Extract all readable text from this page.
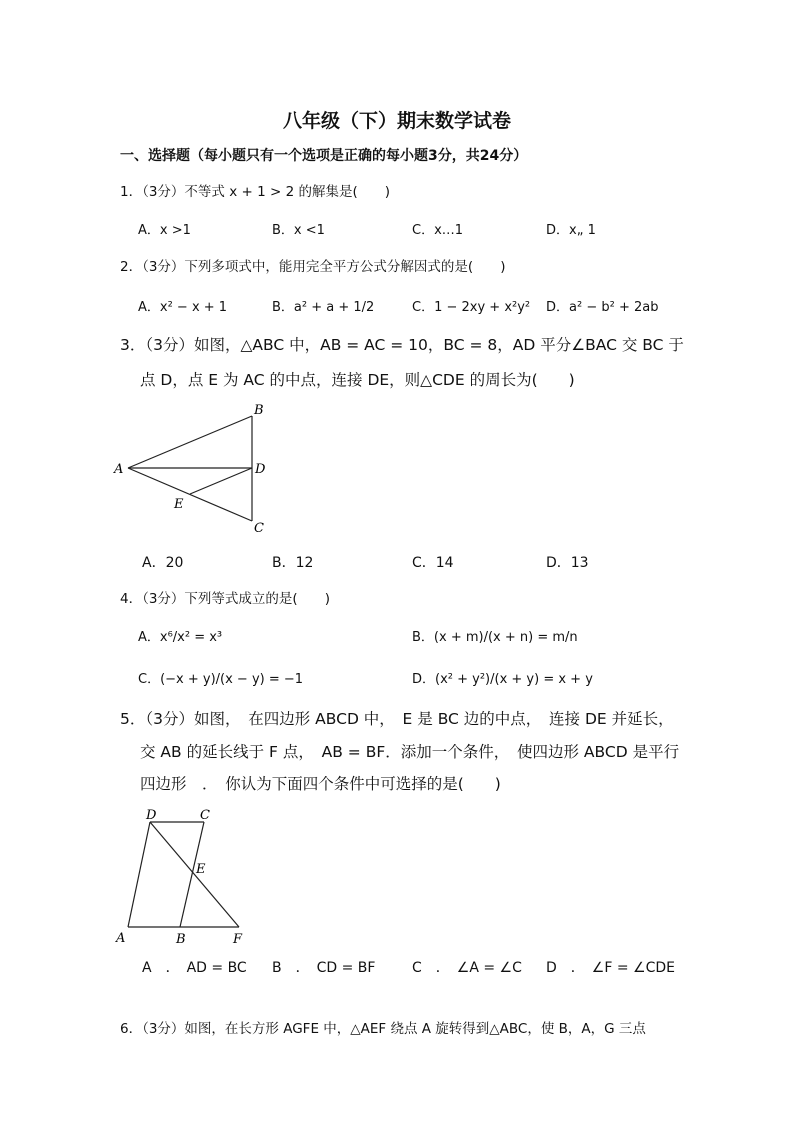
八年级（下）期末数学试卷
一、选择题（每小题只有一个选项是正确的每小题3分，共24分）
1．（3分）不等式 x + 1 > 2 的解集是(　　)
A．x >1	B．x <1	C．x…1	D．x„ 1
2．（3分）下列多项式中，能用完全平方公式分解因式的是(　　)
A．x² − x + 1	B．a² + a + 1/2	C．1 − 2xy + x²y² D．a² − b² + 2ab
3．（3分）如图，△ABC 中，AB = AC = 10，BC = 8，AD 平分∠BAC 交 BC 于
点 D，点 E 为 AC 的中点，连接 DE，则△CDE 的周长为(　　)
A
B
C
D
E
A．20	B．12	C．14	D．13
4．（3分）下列等式成立的是(　　)
A．x⁶/x² = x³	B．(x + m)/(x + n) = m/n
C．(−x + y)/(x − y) = −1	D．(x² + y²)/(x + y) = x + y
5．（3分）如图，　在四边形 ABCD 中，　E 是 BC 边的中点，　连接 DE 并延长，
交 AB 的延长线于 F 点，　AB = BF．添加一个条件，　使四边形 ABCD 是平行
四边形　．　你认为下面四个条件中可选择的是(　　)
A	B
C
D
E
F
A　．　AD = BC B　．　CD = BF	C　．　∠A = ∠C D　．　∠F = ∠CDE
6．（3分）如图，在长方形 AGFE 中，△AEF 绕点 A 旋转得到△ABC，使 B，A，G 三点
